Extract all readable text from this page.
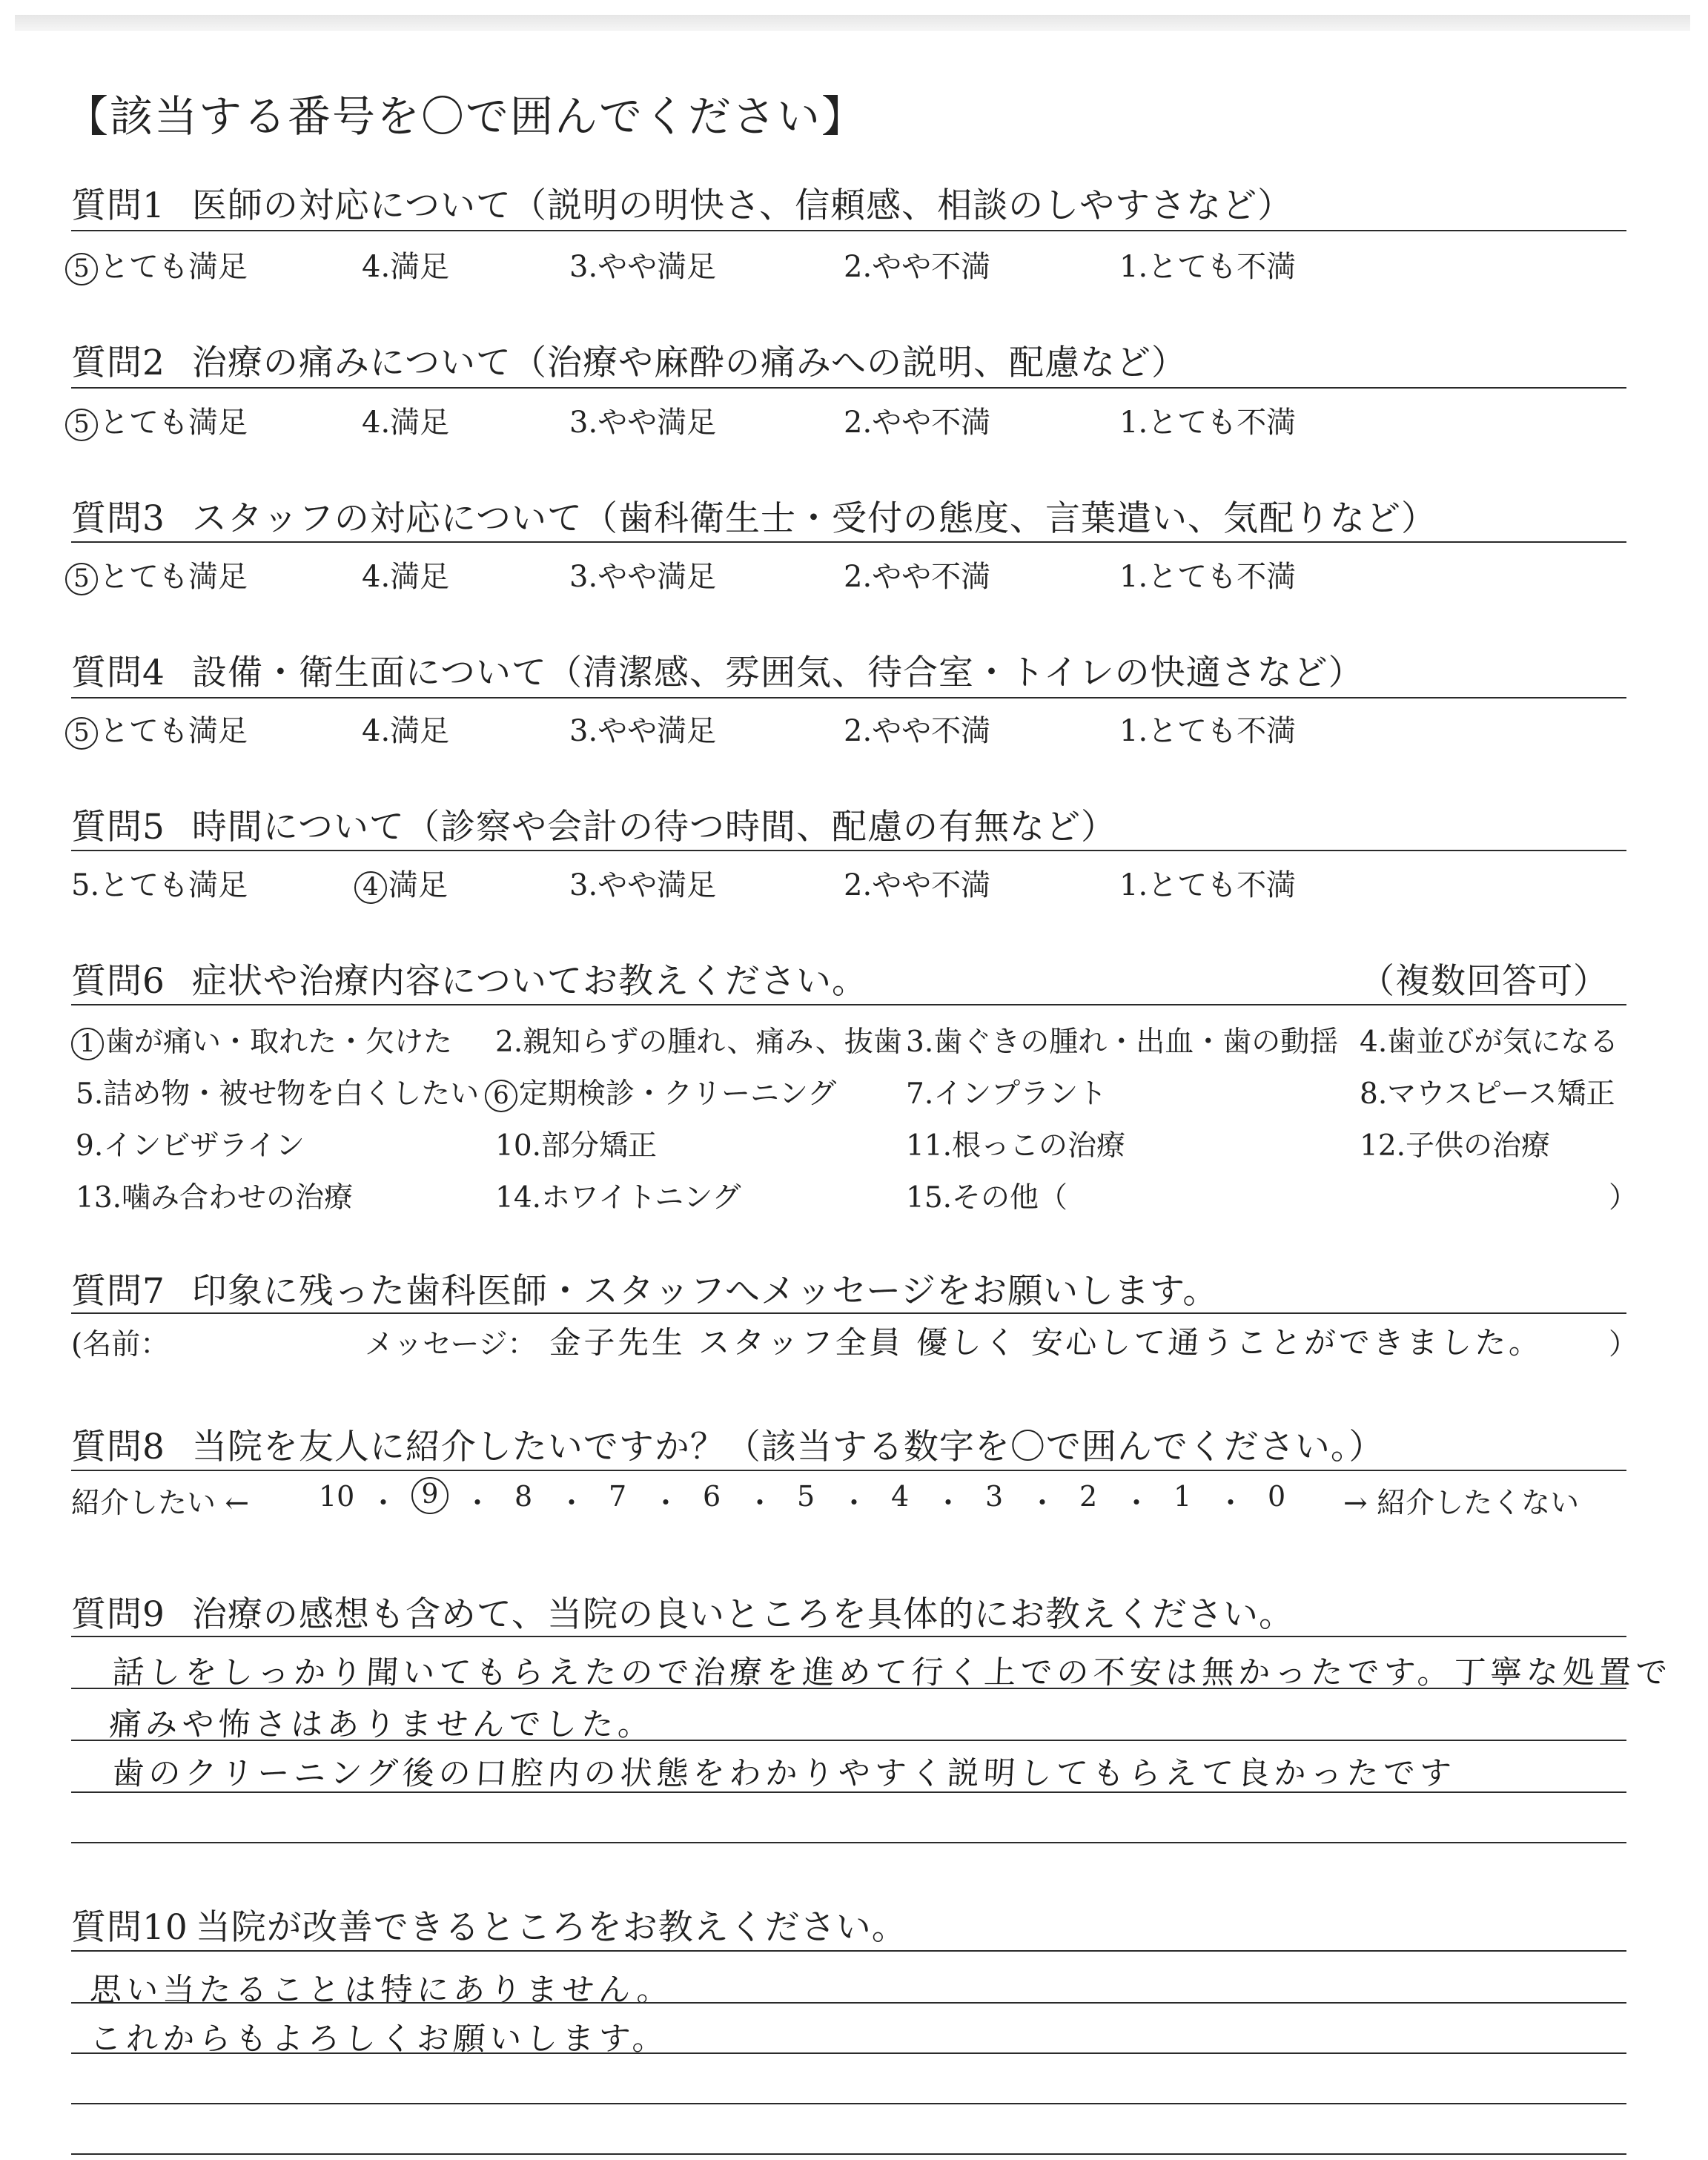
【該当する番号を〇で囲んでください】
質問1 医師の対応について（説明の明快さ、信頼感、相談のしやすさなど）
5 とても満足	4.満足	3.やや満足	2.やや不満	1.とても不満
質問2 治療の痛みについて（治療や麻酔の痛みへの説明、配慮など）
5 とても満足	4.満足	3.やや満足	2.やや不満	1.とても不満
質問3 スタッフの対応について（歯科衛生士・受付の態度、言葉遣い、気配りなど）
5 とても満足	4.満足	3.やや満足	2.やや不満	1.とても不満
質問4 設備・衛生面について（清潔感、雰囲気、待合室・トイレの快適さなど）
5 とても満足	4.満足	3.やや満足	2.やや不満	1.とても不満
質問5 時間について（診察や会計の待つ時間、配慮の有無など）
5.とても満足	4 満足	3.やや満足	2.やや不満	1.とても不満
質問6 症状や治療内容についてお教えください。	（複数回答可）
1 歯が痛い・取れた・欠けた 2.親知らずの腫れ、痛み、抜歯 3.歯ぐきの腫れ・出血・歯の動揺 4.歯並びが気になる
5.詰め物・被せ物を白くしたい 6 定期検診・クリーニング 7.インプラント	8.マウスピース矯正
9.インビザライン	10.部分矯正	11.根っこの治療	12.子供の治療
13.噛み合わせの治療	14.ホワイトニング	15.その他（	）
質問7 印象に残った歯科医師・スタッフへメッセージをお願いします。
(名前：	メッセージ： 金子先生 スタッフ全員 優しく 安心して通うことができました。 ）
質問8 当院を友人に紹介したいですか？（該当する数字を〇で囲んでください。）
紹介したい ←	→ 紹介したくない
10 ・ 9 ・ 8 ・ 7 ・ 6 ・ 5 ・ 4 ・ 3 ・ 2 ・ 1 ・ 0
質問9 治療の感想も含めて、当院の良いところを具体的にお教えください。
話しをしっかり聞いてもらえたので治療を進めて行く上での不安は無かったです。丁寧な処置で
痛みや怖さはありませんでした。
歯のクリーニング後の口腔内の状態をわかりやすく説明してもらえて良かったです
質問10 当院が改善できるところをお教えください。
思い当たることは特にありません。
これからもよろしくお願いします。
